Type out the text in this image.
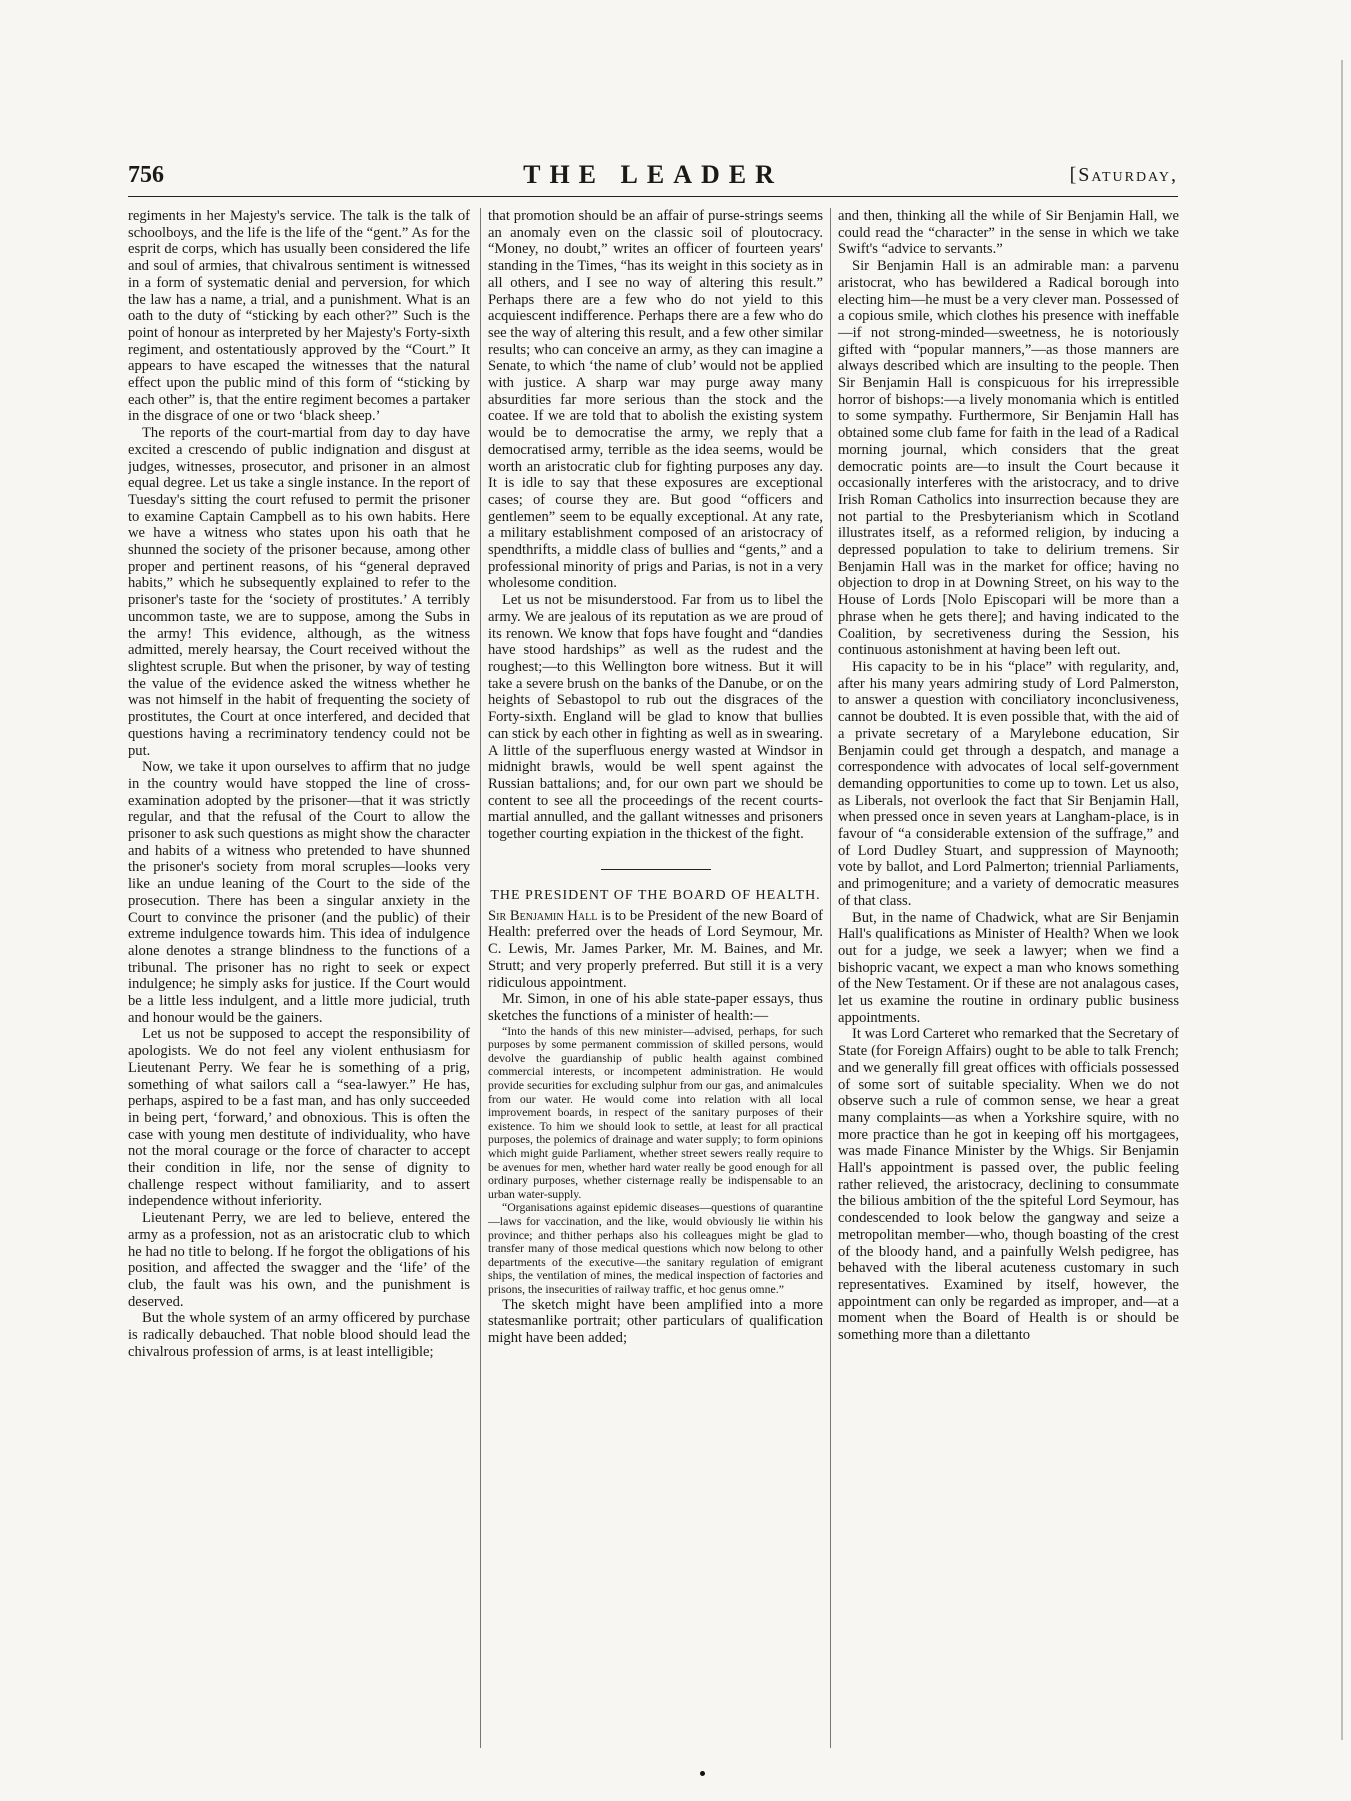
756	THE LEADER	[Saturday,

regiments in her Majesty's service. The talk is the talk of schoolboys, and the life is the life of the “gent.” As for the esprit de corps, which has usually been considered the life and soul of armies, that chivalrous sentiment is witnessed in a form of systematic denial and perversion, for which the law has a name, a trial, and a punishment. What is an oath to the duty of “sticking by each other?” Such is the point of honour as interpreted by her Majesty's Forty-sixth regiment, and ostentatiously approved by the “Court.” It appears to have escaped the witnesses that the natural effect upon the public mind of this form of “sticking by each other” is, that the entire regiment becomes a partaker in the disgrace of one or two ‘black sheep.’

The reports of the court-martial from day to day have excited a crescendo of public indignation and disgust at judges, witnesses, prosecutor, and prisoner in an almost equal degree. Let us take a single instance. In the report of Tuesday's sitting the court refused to permit the prisoner to examine Captain Campbell as to his own habits. Here we have a witness who states upon his oath that he shunned the society of the prisoner because, among other proper and pertinent reasons, of his “general depraved habits,” which he subsequently explained to refer to the prisoner's taste for the ‘society of prostitutes.’ A terribly uncommon taste, we are to suppose, among the Subs in the army! This evidence, although, as the witness admitted, merely hearsay, the Court received without the slightest scruple. But when the prisoner, by way of testing the value of the evidence asked the witness whether he was not himself in the habit of frequenting the society of prostitutes, the Court at once interfered, and decided that questions having a recriminatory tendency could not be put.

Now, we take it upon ourselves to affirm that no judge in the country would have stopped the line of cross-examination adopted by the prisoner—that it was strictly regular, and that the refusal of the Court to allow the prisoner to ask such questions as might show the character and habits of a witness who pretended to have shunned the prisoner's society from moral scruples—looks very like an undue leaning of the Court to the side of the prosecution. There has been a singular anxiety in the Court to convince the prisoner (and the public) of their extreme indulgence towards him. This idea of indulgence alone denotes a strange blindness to the functions of a tribunal. The prisoner has no right to seek or expect indulgence; he simply asks for justice. If the Court would be a little less indulgent, and a little more judicial, truth and honour would be the gainers.

Let us not be supposed to accept the responsibility of apologists. We do not feel any violent enthusiasm for Lieutenant Perry. We fear he is something of a prig, something of what sailors call a “sea-lawyer.” He has, perhaps, aspired to be a fast man, and has only succeeded in being pert, ‘forward,’ and obnoxious. This is often the case with young men destitute of individuality, who have not the moral courage or the force of character to accept their condition in life, nor the sense of dignity to challenge respect without familiarity, and to assert independence without inferiority.

Lieutenant Perry, we are led to believe, entered the army as a profession, not as an aristocratic club to which he had no title to belong. If he forgot the obligations of his position, and affected the swagger and the ‘life’ of the club, the fault was his own, and the punishment is deserved.

But the whole system of an army officered by purchase is radically debauched. That noble blood should lead the chivalrous profession of arms, is at least intelligible;

that promotion should be an affair of purse-strings seems an anomaly even on the classic soil of ploutocracy. “Money, no doubt,” writes an officer of fourteen years' standing in the Times, “has its weight in this society as in all others, and I see no way of altering this result.” Perhaps there are a few who do not yield to this acquiescent indifference. Perhaps there are a few who do see the way of altering this result, and a few other similar results; who can conceive an army, as they can imagine a Senate, to which ‘the name of club’ would not be applied with justice. A sharp war may purge away many absurdities far more serious than the stock and the coatee. If we are told that to abolish the existing system would be to democratise the army, we reply that a democratised army, terrible as the idea seems, would be worth an aristocratic club for fighting purposes any day. It is idle to say that these exposures are exceptional cases; of course they are. But good “officers and gentlemen” seem to be equally exceptional. At any rate, a military establishment composed of an aristocracy of spendthrifts, a middle class of bullies and “gents,” and a professional minority of prigs and Parias, is not in a very wholesome condition.

Let us not be misunderstood. Far from us to libel the army. We are jealous of its reputation as we are proud of its renown. We know that fops have fought and “dandies have stood hardships” as well as the rudest and the roughest;—to this Wellington bore witness. But it will take a severe brush on the banks of the Danube, or on the heights of Sebastopol to rub out the disgraces of the Forty-sixth. England will be glad to know that bullies can stick by each other in fighting as well as in swearing. A little of the superfluous energy wasted at Windsor in midnight brawls, would be well spent against the Russian battalions; and, for our own part we should be content to see all the proceedings of the recent courts-martial annulled, and the gallant witnesses and prisoners together courting expiation in the thickest of the fight.

THE PRESIDENT OF THE BOARD OF HEALTH.

Sir Benjamin Hall is to be President of the new Board of Health: preferred over the heads of Lord Seymour, Mr. C. Lewis, Mr. James Parker, Mr. M. Baines, and Mr. Strutt; and very properly preferred. But still it is a very ridiculous appointment.

Mr. Simon, in one of his able state-paper essays, thus sketches the functions of a minister of health:—

“Into the hands of this new minister—advised, perhaps, for such purposes by some permanent commission of skilled persons, would devolve the guardianship of public health against combined commercial interests, or incompetent administration. He would provide securities for excluding sulphur from our gas, and animalcules from our water. He would come into relation with all local improvement boards, in respect of the sanitary purposes of their existence. To him we should look to settle, at least for all practical purposes, the polemics of drainage and water supply; to form opinions which might guide Parliament, whether street sewers really require to be avenues for men, whether hard water really be good enough for all ordinary purposes, whether cisternage really be indispensable to an urban water-supply.

“Organisations against epidemic diseases—questions of quarantine—laws for vaccination, and the like, would obviously lie within his province; and thither perhaps also his colleagues might be glad to transfer many of those medical questions which now belong to other departments of the executive—the sanitary regulation of emigrant ships, the ventilation of mines, the medical inspection of factories and prisons, the insecurities of railway traffic, et hoc genus omne.”

The sketch might have been amplified into a more statesmanlike portrait; other particulars of qualification might have been added;

and then, thinking all the while of Sir Benjamin Hall, we could read the “character” in the sense in which we take Swift's “advice to servants.”

Sir Benjamin Hall is an admirable man: a parvenu aristocrat, who has bewildered a Radical borough into electing him—he must be a very clever man. Possessed of a copious smile, which clothes his presence with ineffable—if not strong-minded—sweetness, he is notoriously gifted with “popular manners,”—as those manners are always described which are insulting to the people. Then Sir Benjamin Hall is conspicuous for his irrepressible horror of bishops:—a lively monomania which is entitled to some sympathy. Furthermore, Sir Benjamin Hall has obtained some club fame for faith in the lead of a Radical morning journal, which considers that the great democratic points are—to insult the Court because it occasionally interferes with the aristocracy, and to drive Irish Roman Catholics into insurrection because they are not partial to the Presbyterianism which in Scotland illustrates itself, as a reformed religion, by inducing a depressed population to take to delirium tremens. Sir Benjamin Hall was in the market for office; having no objection to drop in at Downing Street, on his way to the House of Lords [Nolo Episcopari will be more than a phrase when he gets there]; and having indicated to the Coalition, by secretiveness during the Session, his continuous astonishment at having been left out.

His capacity to be in his “place” with regularity, and, after his many years admiring study of Lord Palmerston, to answer a question with conciliatory inconclusiveness, cannot be doubted. It is even possible that, with the aid of a private secretary of a Marylebone education, Sir Benjamin could get through a despatch, and manage a correspondence with advocates of local self-government demanding opportunities to come up to town. Let us also, as Liberals, not overlook the fact that Sir Benjamin Hall, when pressed once in seven years at Langham-place, is in favour of “a considerable extension of the suffrage,” and of Lord Dudley Stuart, and suppression of Maynooth; vote by ballot, and Lord Palmerton; triennial Parliaments, and primogeniture; and a variety of democratic measures of that class.

But, in the name of Chadwick, what are Sir Benjamin Hall's qualifications as Minister of Health? When we look out for a judge, we seek a lawyer; when we find a bishopric vacant, we expect a man who knows something of the New Testament. Or if these are not analagous cases, let us examine the routine in ordinary public business appointments.

It was Lord Carteret who remarked that the Secretary of State (for Foreign Affairs) ought to be able to talk French; and we generally fill great offices with officials possessed of some sort of suitable speciality. When we do not observe such a rule of common sense, we hear a great many complaints—as when a Yorkshire squire, with no more practice than he got in keeping off his mortgagees, was made Finance Minister by the Whigs. Sir Benjamin Hall's appointment is passed over, the public feeling rather relieved, the aristocracy, declining to consummate the bilious ambition of the the spiteful Lord Seymour, has condescended to look below the gangway and seize a metropolitan member—who, though boasting of the crest of the bloody hand, and a painfully Welsh pedigree, has behaved with the liberal acuteness customary in such representatives. Examined by itself, however, the appointment can only be regarded as improper, and—at a moment when the Board of Health is or should be something more than a dilettanto
